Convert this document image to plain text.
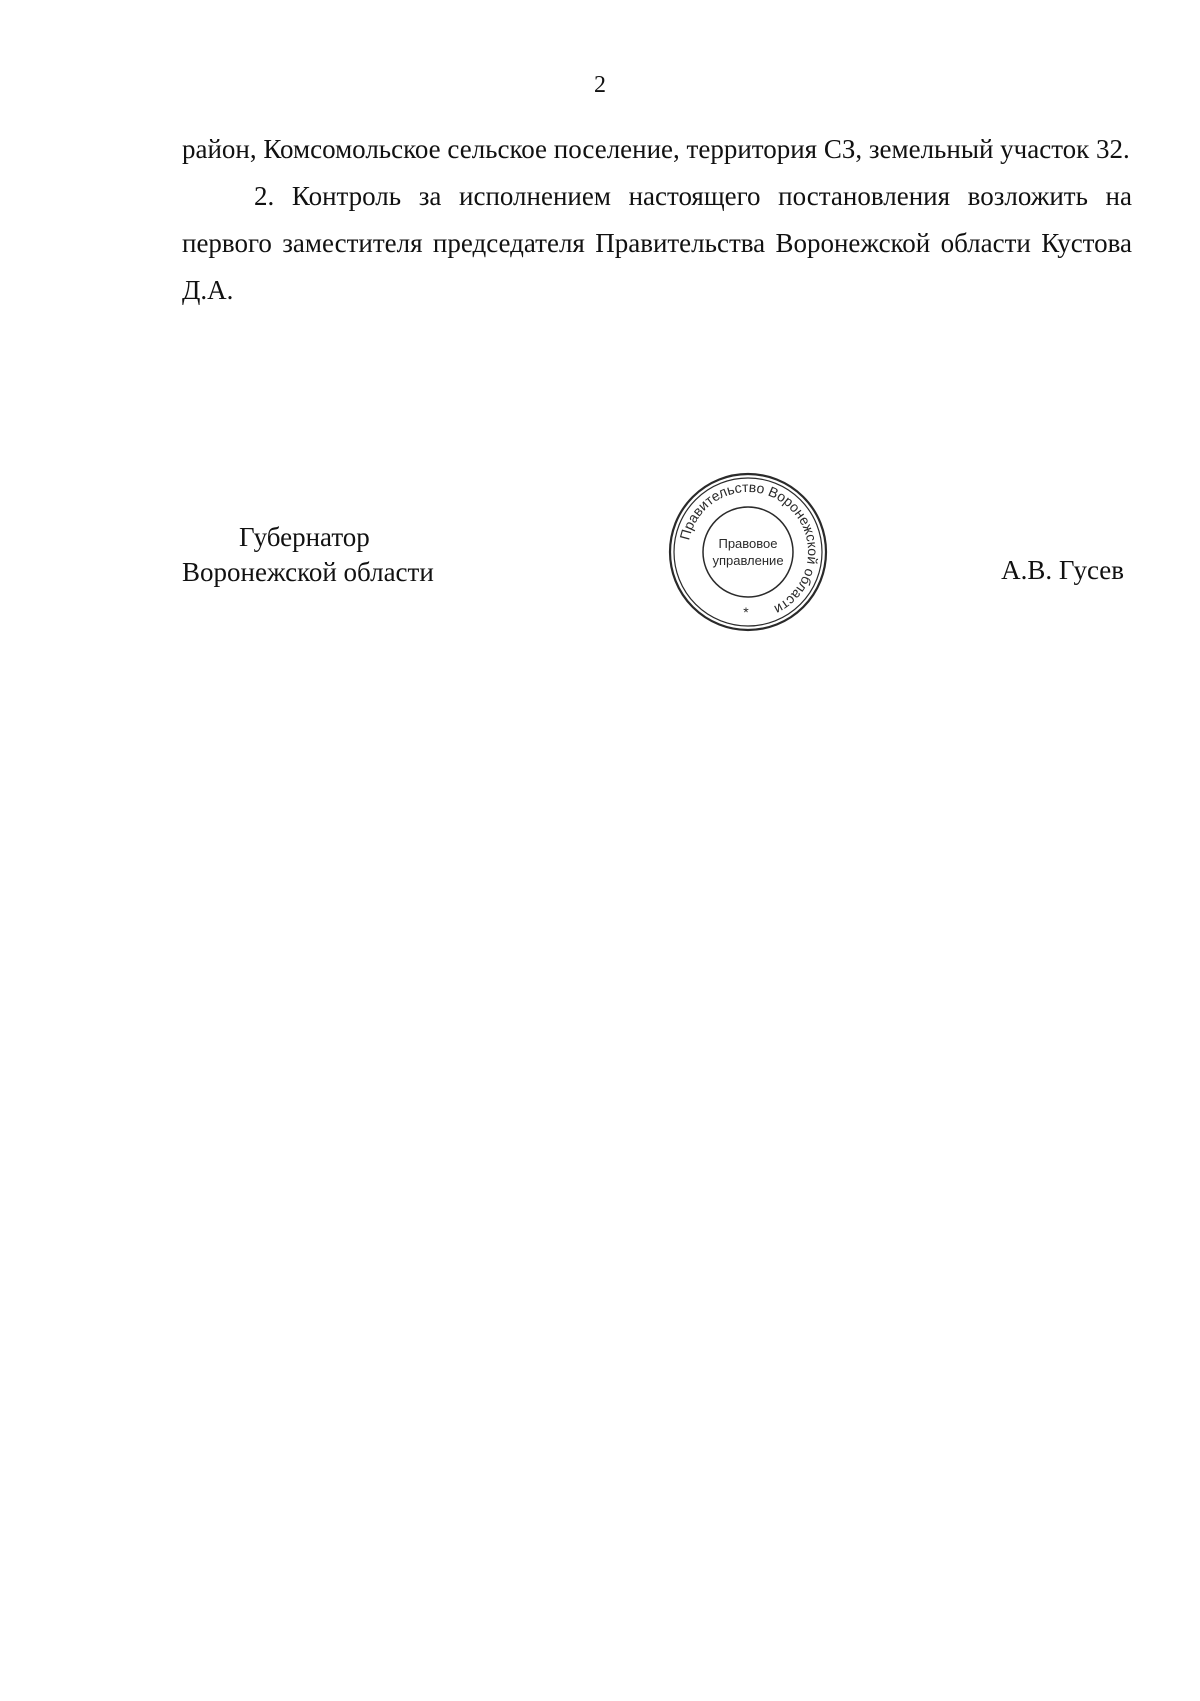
2

район, Комсомольское сельское поселение, территория СЗ, земельный участок 32.

2. Контроль за исполнением настоящего постановления возложить на первого заместителя председателя Правительства Воронежской области Кустова Д.А.

Губернатор
Воронежской области
Правительство Воронежской области
Правовое
управление
*
А.В. Гусев
